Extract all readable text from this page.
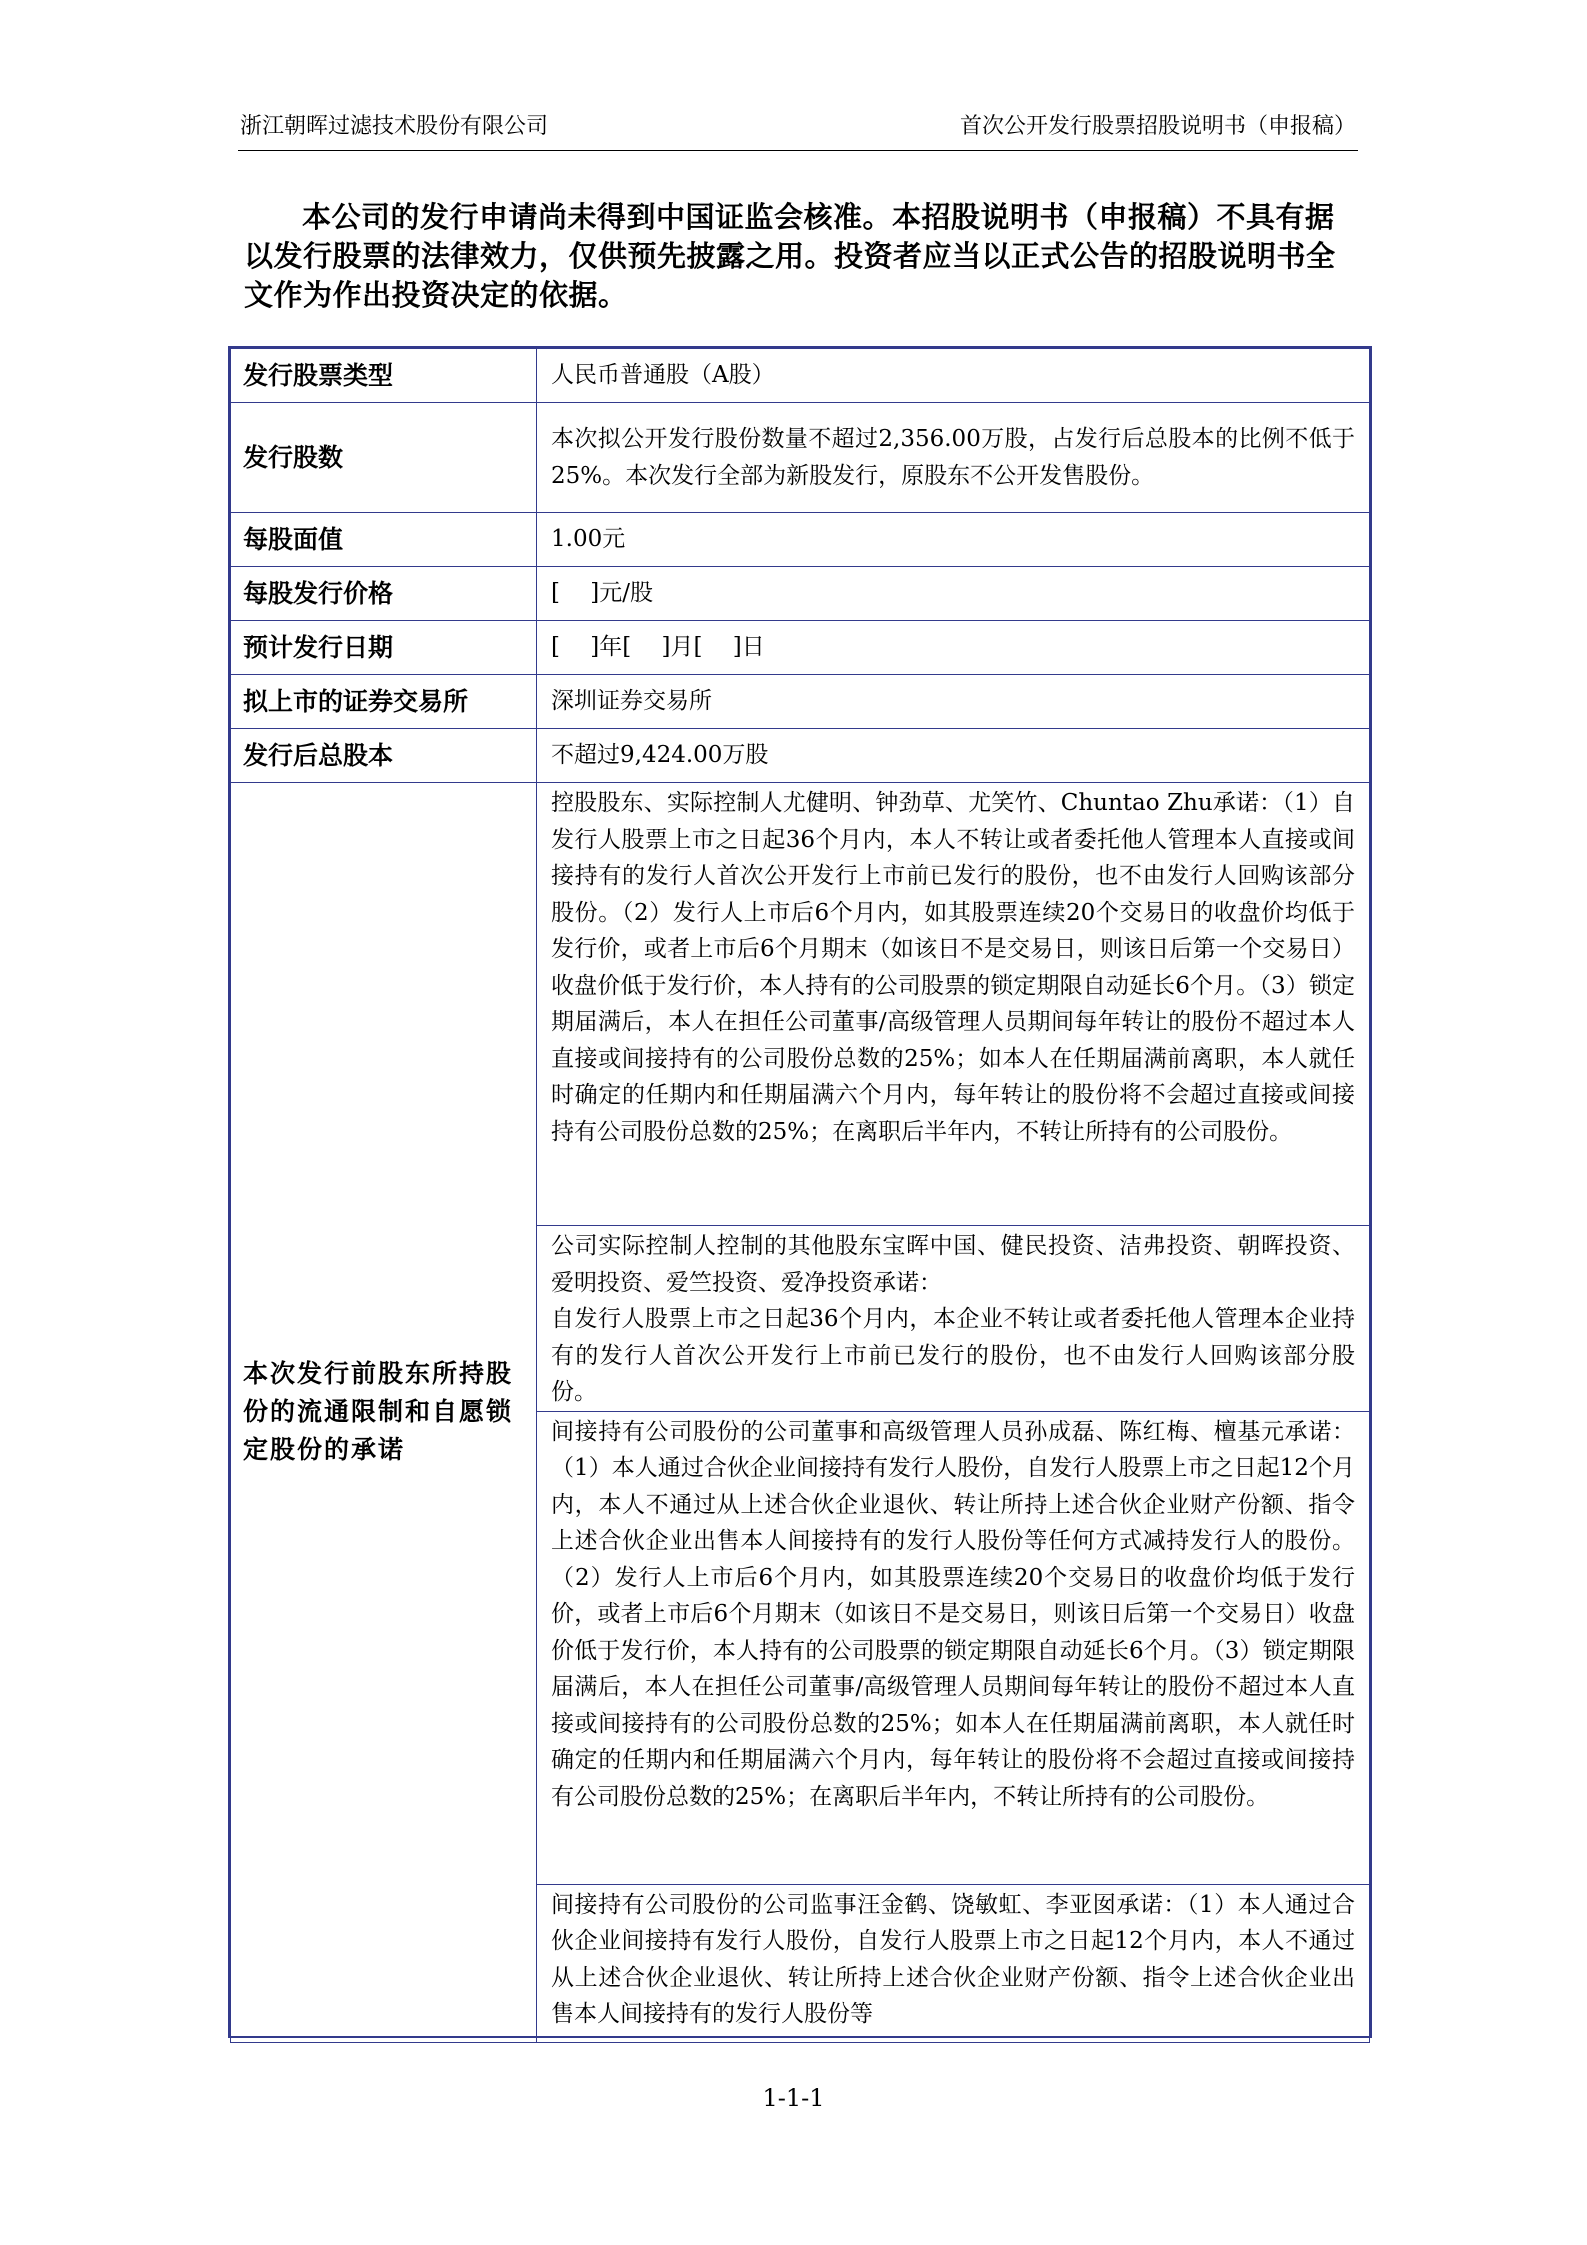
浙江朝晖过滤技术股份有限公司	首次公开发行股票招股说明书（申报稿）
本公司的发行申请尚未得到中国证监会核准。本招股说明书（申报稿）不具有据以发行股票的法律效力，仅供预先披露之用。投资者应当以正式公告的招股说明书全文作为作出投资决定的依据。
发行股票类型	人民币普通股（A股）
发行股数	本次拟公开发行股份数量不超过2,356.00万股，占发行后总股本的比例不低于25%。本次发行全部为新股发行，原股东不公开发售股份。
每股面值	1.00元
每股发行价格	[　 ]元/股
预计发行日期	[　 ]年[　 ]月[　 ]日
拟上市的证券交易所	深圳证券交易所
发行后总股本	不超过9,424.00万股
本次发行前股东所持股份的流通限制和自愿锁定股份的承诺	控股股东、实际控制人尤健明、钟劲草、尤笑竹、Chuntao Zhu承诺：（1）自发行人股票上市之日起36个月内，本人不转让或者委托他人管理本人直接或间接持有的发行人首次公开发行上市前已发行的股份，也不由发行人回购该部分股份。（2）发行人上市后6个月内，如其股票连续20个交易日的收盘价均低于发行价，或者上市后6个月期末（如该日不是交易日，则该日后第一个交易日）收盘价低于发行价，本人持有的公司股票的锁定期限自动延长6个月。（3）锁定期届满后，本人在担任公司董事/高级管理人员期间每年转让的股份不超过本人直接或间接持有的公司股份总数的25%；如本人在任期届满前离职，本人就任时确定的任期内和任期届满六个月内，每年转让的股份将不会超过直接或间接持有公司股份总数的25%；在离职后半年内，不转让所持有的公司股份。

	公司实际控制人控制的其他股东宝晖中国、健民投资、洁弗投资、朝晖投资、爱明投资、爱竺投资、爱净投资承诺：
自发行人股票上市之日起36个月内，本企业不转让或者委托他人管理本企业持有的发行人首次公开发行上市前已发行的股份，也不由发行人回购该部分股份。

	间接持有公司股份的公司董事和高级管理人员孙成磊、陈红梅、檀基元承诺：（1）本人通过合伙企业间接持有发行人股份，自发行人股票上市之日起12个月内，本人不通过从上述合伙企业退伙、转让所持上述合伙企业财产份额、指令上述合伙企业出售本人间接持有的发行人股份等任何方式减持发行人的股份。（2）发行人上市后6个月内，如其股票连续20个交易日的收盘价均低于发行价，或者上市后6个月期末（如该日不是交易日，则该日后第一个交易日）收盘价低于发行价，本人持有的公司股票的锁定期限自动延长6个月。（3）锁定期限届满后，本人在担任公司董事/高级管理人员期间每年转让的股份不超过本人直接或间接持有的公司股份总数的25%；如本人在任期届满前离职，本人就任时确定的任期内和任期届满六个月内，每年转让的股份将不会超过直接或间接持有公司股份总数的25%；在离职后半年内，不转让所持有的公司股份。
	间接持有公司股份的公司监事汪金鹤、饶敏虹、李亚囡承诺：（1）本人通过合伙企业间接持有发行人股份，自发行人股票上市之日起12个月内，本人不通过从上述合伙企业退伙、转让所持上述合伙企业财产份额、指令上述合伙企业出售本人间接持有的发行人股份等
1-1-1
